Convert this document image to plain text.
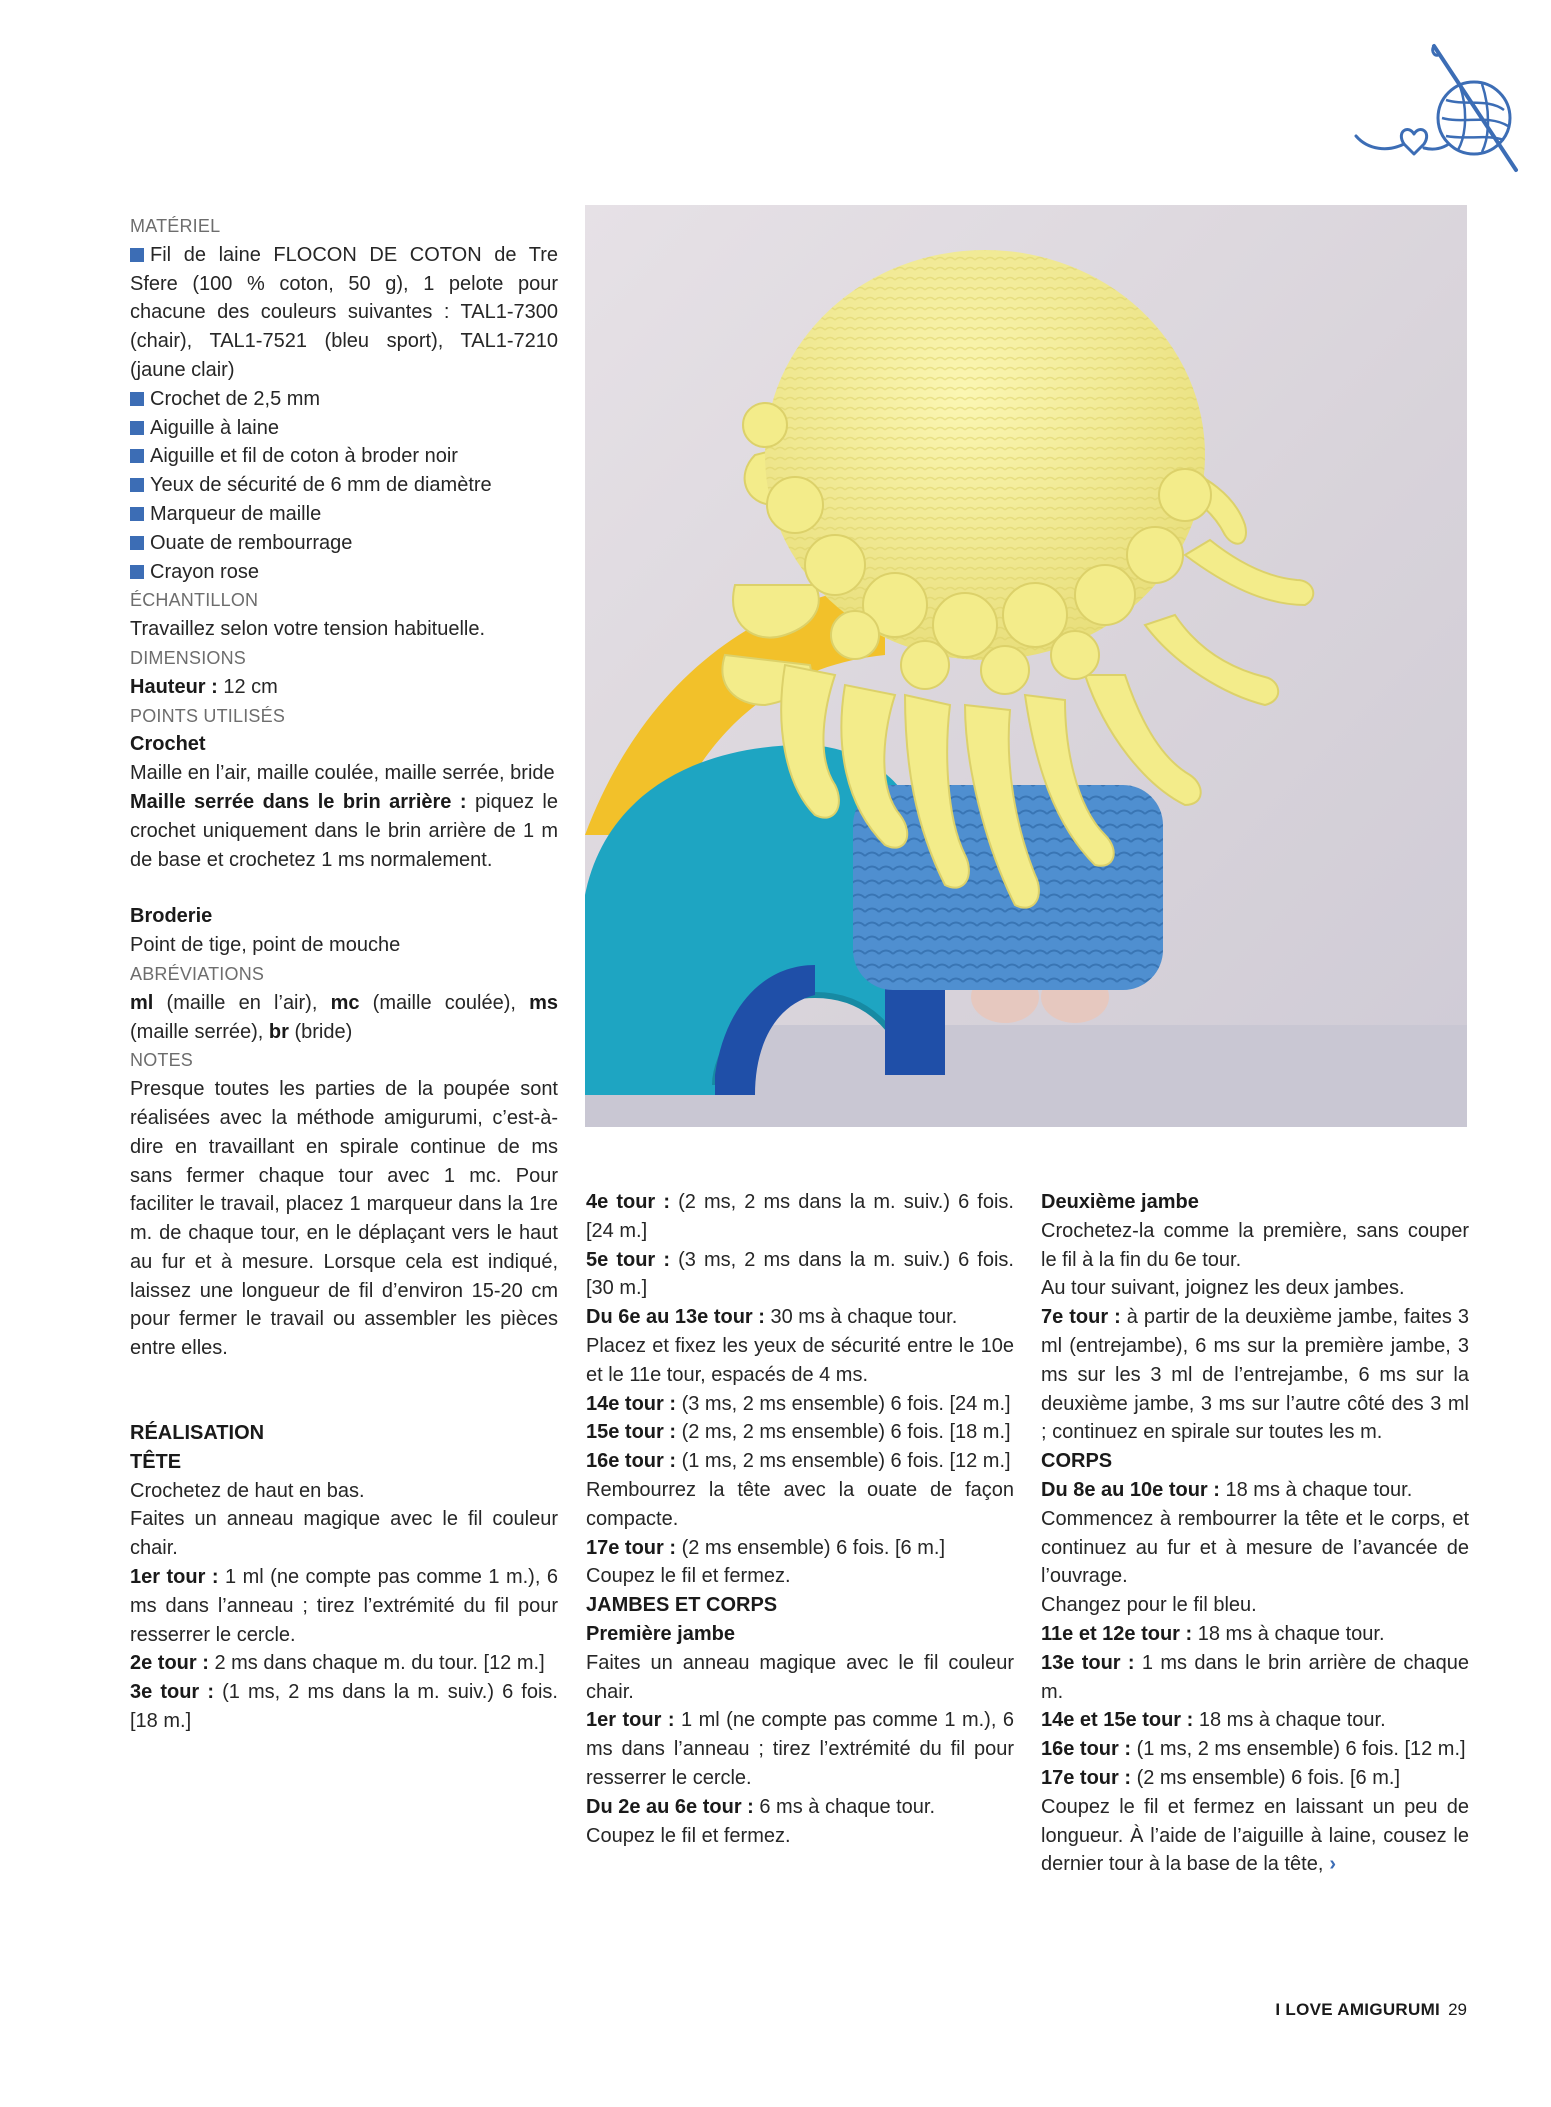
MATÉRIEL

Fil de laine FLOCON DE COTON de Tre Sfere (100 % coton, 50 g), 1 pelote pour chacune des couleurs suivantes : TAL1-7300 (chair), TAL1-7521 (bleu sport), TAL1-7210 (jaune clair)

Crochet de 2,5 mm

Aiguille à laine

Aiguille et fil de coton à broder noir

Yeux de sécurité de 6 mm de diamètre

Marqueur de maille

Ouate de rembourrage

Crayon rose

ÉCHANTILLON

Travaillez selon votre tension habituelle.

DIMENSIONS

Hauteur : 12 cm

POINTS UTILISÉS

Crochet

Maille en l’air, maille coulée, maille serrée, bride

Maille serrée dans le brin arrière : piquez le crochet uniquement dans le brin arrière de 1 m de base et crochetez 1 ms normalement.

Broderie

Point de tige, point de mouche

ABRÉVIATIONS

ml (maille en l’air), mc (maille coulée), ms (maille serrée), br (bride)

NOTES

Presque toutes les parties de la poupée sont réalisées avec la méthode amigurumi, c’est-à-dire en travaillant en spirale continue de ms sans fermer chaque tour avec 1 mc. Pour faciliter le travail, placez 1 marqueur dans la 1re m. de chaque tour, en le déplaçant vers le haut au fur et à mesure. Lorsque cela est indiqué, laissez une longueur de fil d’environ 15-20 cm pour fermer le travail ou assembler les pièces entre elles.

RÉALISATION

TÊTE

Crochetez de haut en bas.

Faites un anneau magique avec le fil couleur chair.

1er tour : 1 ml (ne compte pas comme 1 m.), 6 ms dans l’anneau ; tirez l’extrémité du fil pour resserrer le cercle.

2e tour : 2 ms dans chaque m. du tour. [12 m.]

3e tour : (1 ms, 2 ms dans la m. suiv.) 6 fois. [18 m.]

4e tour : (2 ms, 2 ms dans la m. suiv.) 6 fois. [24 m.]

5e tour : (3 ms, 2 ms dans la m. suiv.) 6 fois. [30 m.]

Du 6e au 13e tour : 30 ms à chaque tour.

Placez et fixez les yeux de sécurité entre le 10e et le 11e tour, espacés de 4 ms.

14e tour : (3 ms, 2 ms ensemble) 6 fois. [24 m.]

15e tour : (2 ms, 2 ms ensemble) 6 fois. [18 m.]

16e tour : (1 ms, 2 ms ensemble) 6 fois. [12 m.]

Rembourrez la tête avec la ouate de façon compacte.

17e tour : (2 ms ensemble) 6 fois. [6 m.]

Coupez le fil et fermez.

JAMBES ET CORPS

Première jambe

Faites un anneau magique avec le fil couleur chair.

1er tour : 1 ml (ne compte pas comme 1 m.), 6 ms dans l’anneau ; tirez l’extrémité du fil pour resserrer le cercle.

Du 2e au 6e tour : 6 ms à chaque tour.

Coupez le fil et fermez.

Deuxième jambe

Crochetez-la comme la première, sans couper le fil à la fin du 6e tour.

Au tour suivant, joignez les deux jambes.

7e tour : à partir de la deuxième jambe, faites 3 ml (entrejambe), 6 ms sur la première jambe, 3 ms sur les 3 ml de l’entrejambe, 6 ms sur la deuxième jambe, 3 ms sur l’autre côté des 3 ml ; continuez en spirale sur toutes les m.

CORPS

Du 8e au 10e tour : 18 ms à chaque tour.

Commencez à rembourrer la tête et le corps, et continuez au fur et à mesure de l’avancée de l’ouvrage.

Changez pour le fil bleu.

11e et 12e tour : 18 ms à chaque tour.

13e tour : 1 ms dans le brin arrière de chaque m.

14e et 15e tour : 18 ms à chaque tour.

16e tour : (1 ms, 2 ms ensemble) 6 fois. [12 m.]

17e tour : (2 ms ensemble) 6 fois. [6 m.]

Coupez le fil et fermez en laissant un peu de longueur. À l’aide de l’aiguille à laine, cousez le dernier tour à la base de la tête, ›

I LOVE AMIGURUMI 29
